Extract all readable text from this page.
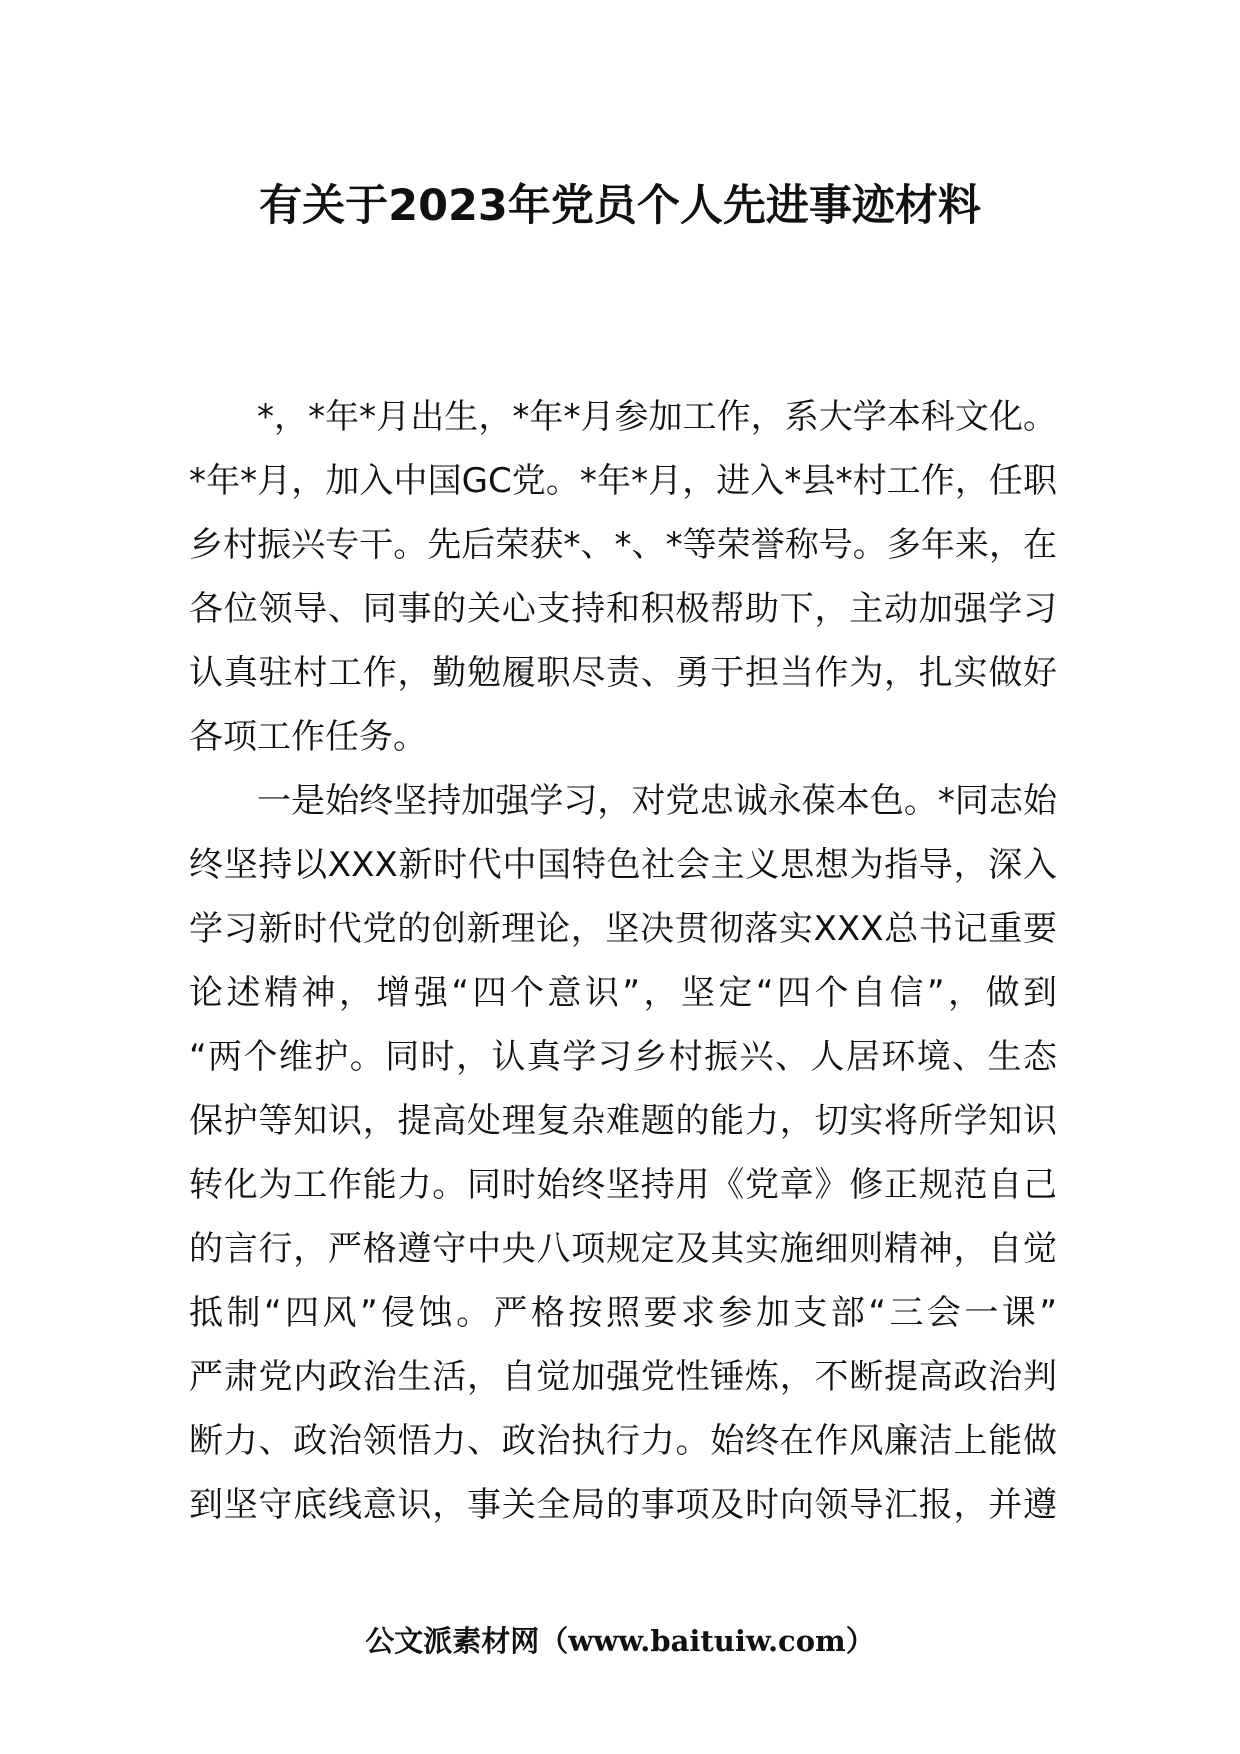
有关于2023年党员个人先进事迹材料
*，*年*月出生，*年*月参加工作，系大学本科文化。
*年*月，加入中国GC党。*年*月，进入*县*村工作，任职
乡村振兴专干。先后荣获*、*、*等荣誉称号。多年来，在
各位领导、同事的关心支持和积极帮助下，主动加强学习
认真驻村工作，勤勉履职尽责、勇于担当作为，扎实做好
各项工作任务。
一是始终坚持加强学习，对党忠诚永葆本色。*同志始
终坚持以XXX新时代中国特色社会主义思想为指导，深入
学习新时代党的创新理论，坚决贯彻落实XXX总书记重要
论述精神，增强“四个意识”，坚定“四个自信”，做到
“两个维护。同时，认真学习乡村振兴、人居环境、生态
保护等知识，提高处理复杂难题的能力，切实将所学知识
转化为工作能力。同时始终坚持用《党章》修正规范自己
的言行，严格遵守中央八项规定及其实施细则精神，自觉
抵制“四风”侵蚀。严格按照要求参加支部“三会一课”
严肃党内政治生活，自觉加强党性锤炼，不断提高政治判
断力、政治领悟力、政治执行力。始终在作风廉洁上能做
到坚守底线意识，事关全局的事项及时向领导汇报，并遵
公文派素材网（www.baituiw.com）
